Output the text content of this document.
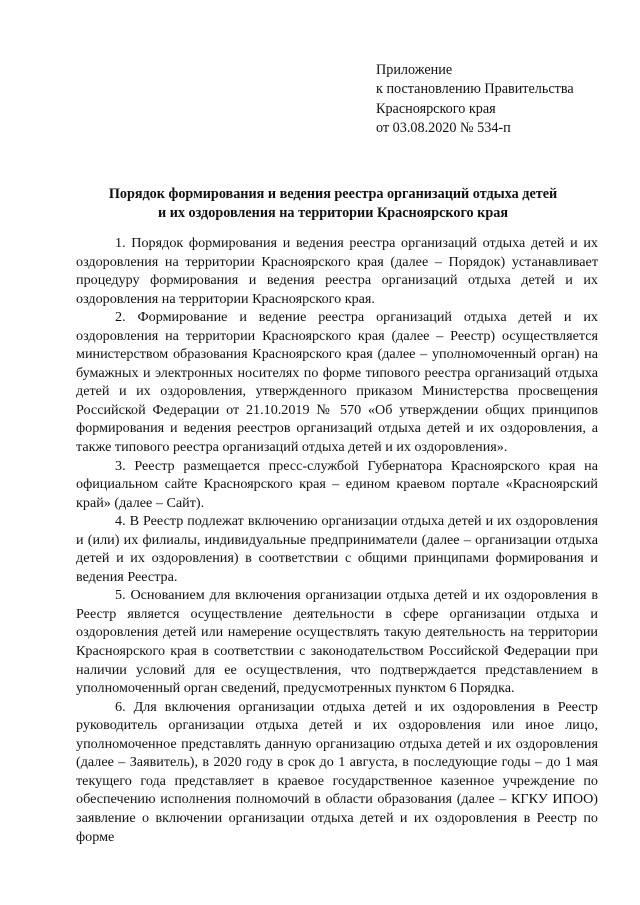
Приложение
к постановлению Правительства
Красноярского края
от 03.08.2020 № 534-п
Порядок формирования и ведения реестра организаций отдыха детей
и их оздоровления на территории Красноярского края

1. Порядок формирования и ведения реестра организаций отдыха детей и их оздоровления на территории Красноярского края (далее – Порядок) устанавливает процедуру формирования и ведения реестра организаций отдыха детей и их оздоровления на территории Красноярского края.

2. Формирование и ведение реестра организаций отдыха детей и их оздоровления на территории Красноярского края (далее – Реестр) осуществляется министерством образования Красноярского края (далее – уполномоченный орган) на бумажных и электронных носителях по форме типового реестра организаций отдыха детей и их оздоровления, утвержденного приказом Министерства просвещения Российской Федерации от 21.10.2019 № 570 «Об утверждении общих принципов формирования и ведения реестров организаций отдыха детей и их оздоровления, а также типового реестра организаций отдыха детей и их оздоровления».

3. Реестр размещается пресс-службой Губернатора Красноярского края на официальном сайте Красноярского края – едином краевом портале «Красноярский край» (далее – Сайт).

4. В Реестр подлежат включению организации отдыха детей и их оздоровления и (или) их филиалы, индивидуальные предприниматели (далее – организации отдыха детей и их оздоровления) в соответствии с общими принципами формирования и ведения Реестра.

5. Основанием для включения организации отдыха детей и их оздоровления в Реестр является осуществление деятельности в сфере организации отдыха и оздоровления детей или намерение осуществлять такую деятельность на территории Красноярского края в соответствии с законодательством Российской Федерации при наличии условий для ее осуществления, что подтверждается представлением в уполномоченный орган сведений, предусмотренных пунктом 6 Порядка.

6. Для включения организации отдыха детей и их оздоровления в Реестр руководитель организации отдыха детей и их оздоровления или иное лицо, уполномоченное представлять данную организацию отдыха детей и их оздоровления (далее – Заявитель), в 2020 году в срок до 1 августа, в последующие годы – до 1 мая текущего года представляет в краевое государственное казенное учреждение по обеспечению исполнения полномочий в области образования (далее – КГКУ ИПОО) заявление о включении организации отдыха детей и их оздоровления в Реестр по форме
